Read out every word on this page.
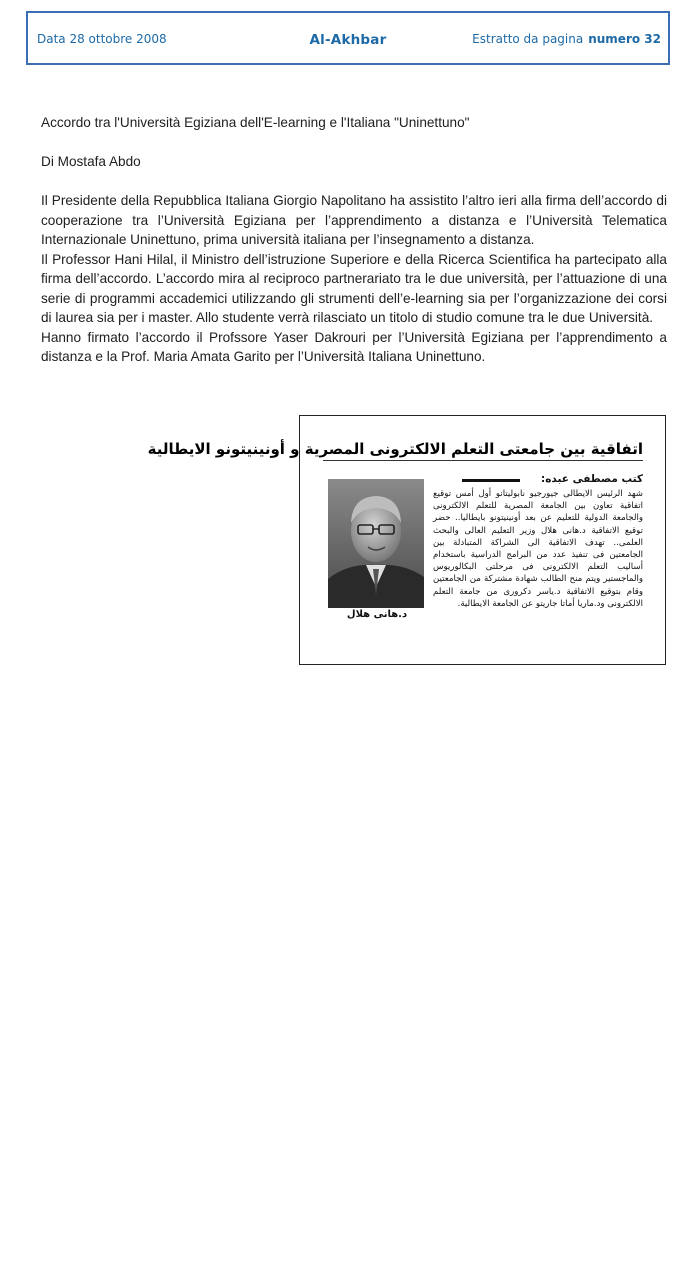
Data 28 ottobre 2008	Al-Akhbar	Estratto da pagina numero 32

Accordo tra l'Università Egiziana dell'E-learning e l'Italiana "Uninettuno"

Di Mostafa Abdo

Il Presidente della Repubblica Italiana Giorgio Napolitano ha assistito l’altro ieri alla firma dell’accordo di cooperazione tra l’Università Egiziana per l’apprendimento a distanza e l’Università Telematica Internazionale Uninettuno, prima università italiana per l’insegnamento a distanza.

Il Professor Hani Hilal, il Ministro dell’istruzione Superiore e della Ricerca Scientifica ha partecipato alla firma dell’accordo. L’accordo mira al reciproco partnerariato tra le due università, per l’attuazione di una serie di programmi accademici utilizzando gli strumenti dell’e-learning sia per l’organizzazione dei corsi di laurea sia per i master. Allo studente verrà rilasciato un titolo di studio comune tra le due Università.

Hanno firmato l’accordo il Profssore Yaser Dakrouri per l’Università Egiziana per l’apprendimento a distanza e la Prof. Maria Amata Garito per l’Università Italiana Uninettuno.

اتفاقية بين جامعتى التعلم الالكترونى المصرية و أونينيتونو الايطالية
كتب مصطفى عبده:
شهد الرئيس الايطالى جيورجيو نابوليتانو أول أمس توقيع اتفاقية تعاون بين الجامعة المصرية للتعلم الالكترونى والجامعة الدولية للتعليم عن بعد أونينيتونو بايطاليا.. حضر توقيع الاتفاقية د.هانى هلال وزير التعليم العالى والبحث العلمى.. تهدف الاتفاقية الى الشراكة المتبادلة بين الجامعتين فى تنفيذ عدد من البرامج الدراسية باستخدام أساليب التعلم الالكترونى فى مرحلتى البكالوريوس والماجستير ويتم منح الطالب شهادة مشتركة من الجامعتين وقام بتوقيع الاتفاقية د.ياسر دكرورى من جامعة التعلم الالكترونى ود.ماريا أماتا جاريتو عن الجامعة الايطالية.
د.هانى هلال
